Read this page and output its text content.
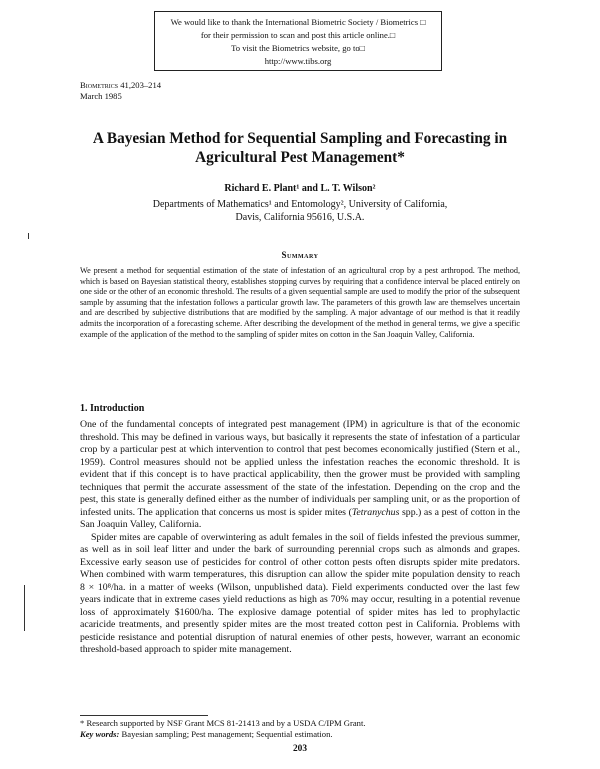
We would like to thank the International Biometric Society / Biometrics □
for their permission to scan and post this article online.□
To visit the Biometrics website, go to□
http://www.tibs.org
Biometrics 41,203–214
March 1985
A Bayesian Method for Sequential Sampling and Forecasting in
Agricultural Pest Management*
Richard E. Plant¹ and L. T. Wilson²
Departments of Mathematics¹ and Entomology², University of California,
Davis, California 95616, U.S.A.
Summary
We present a method for sequential estimation of the state of infestation of an agricultural crop by a pest arthropod. The method, which is based on Bayesian statistical theory, establishes stopping curves by requiring that a confidence interval be placed entirely on one side or the other of an economic threshold. The results of a given sequential sample are used to modify the prior of the subsequent sample by assuming that the infestation follows a particular growth law. The parameters of this growth law are themselves uncertain and are described by subjective distributions that are modified by the sampling. A major advantage of our method is that it readily admits the incorporation of a forecasting scheme. After describing the development of the method in general terms, we give a specific example of the application of the method to the sampling of spider mites on cotton in the San Joaquin Valley, California.
1. Introduction

One of the fundamental concepts of integrated pest management (IPM) in agriculture is that of the economic threshold. This may be defined in various ways, but basically it represents the state of infestation of a particular crop by a particular pest at which intervention to control that pest becomes economically justified (Stern et al., 1959). Control measures should not be applied unless the infestation reaches the economic threshold. It is evident that if this concept is to have practical applicability, then the grower must be provided with sampling techniques that permit the accurate assessment of the state of the infestation. Depending on the crop and the pest, this state is generally defined either as the number of individuals per sampling unit, or as the proportion of infested units. The application that concerns us most is spider mites (Tetranychus spp.) as a pest of cotton in the San Joaquin Valley, California.

Spider mites are capable of overwintering as adult females in the soil of fields infested the previous summer, as well as in soil leaf litter and under the bark of surrounding perennial crops such as almonds and grapes. Excessive early season use of pesticides for control of other cotton pests often disrupts spider mite predators. When combined with warm temperatures, this disruption can allow the spider mite population density to reach 8 × 10⁸/ha. in a matter of weeks (Wilson, unpublished data). Field experiments conducted over the last few years indicate that in extreme cases yield reductions as high as 70% may occur, resulting in a potential revenue loss of approximately $1600/ha. The explosive damage potential of spider mites has led to prophylactic acaricide treatments, and presently spider mites are the most treated cotton pest in California. Problems with pesticide resistance and potential disruption of natural enemies of other pests, however, warrant an economic threshold-based approach to spider mite management.

* Research supported by NSF Grant MCS 81-21413 and by a USDA C/IPM Grant.
Key words: Bayesian sampling; Pest management; Sequential estimation.
203
